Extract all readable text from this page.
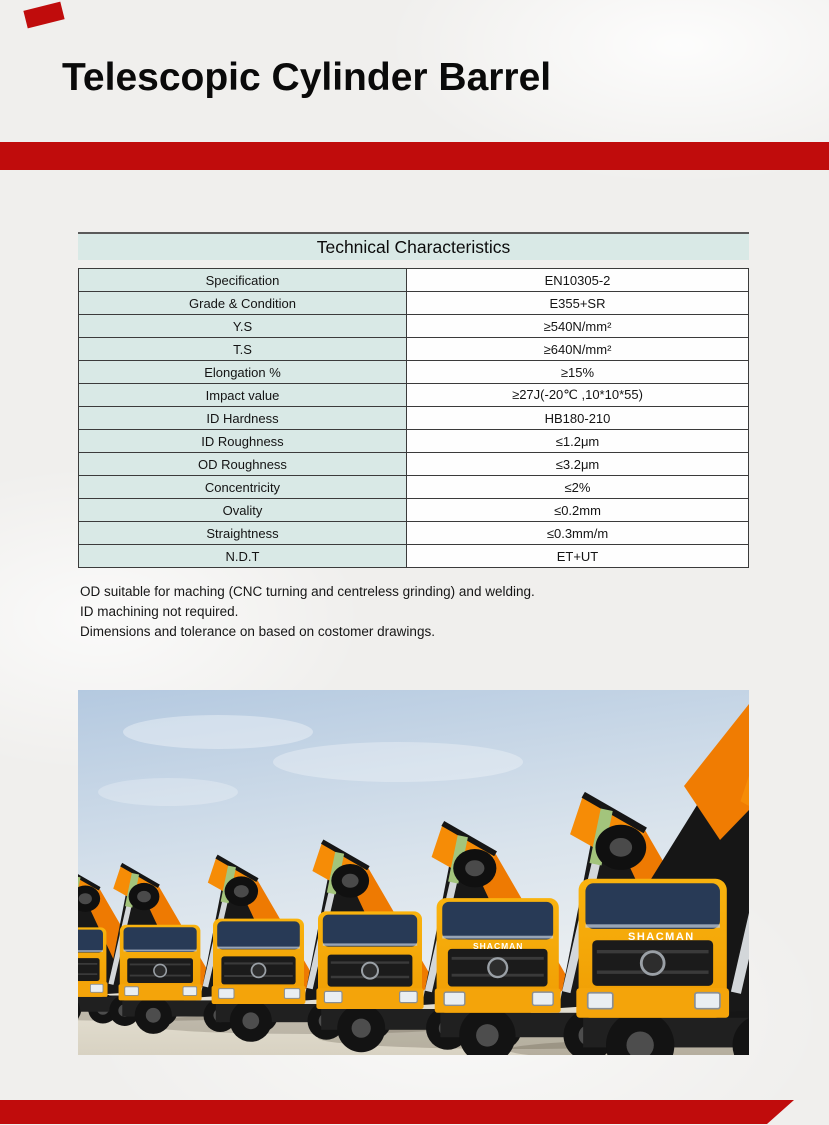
Telescopic Cylinder Barrel
Technical Characteristics
Specification	EN10305-2
Grade & Condition	E355+SR
Y.S	≥540N/mm²
T.S	≥640N/mm²
Elongation %	≥15%
Impact value	≥27J(-20℃ ,10*10*55)
ID Hardness	HB180-210
ID Roughness	≤1.2μm
OD Roughness	≤3.2μm
Concentricity	≤2%
Ovality	≤0.2mm
Straightness	≤0.3mm/m
N.D.T	ET+UT
OD suitable for maching (CNC turning and centreless grinding) and welding.
ID machining not required.
Dimensions and tolerance on based on costomer drawings.
SHACMAN
SHACMAN
